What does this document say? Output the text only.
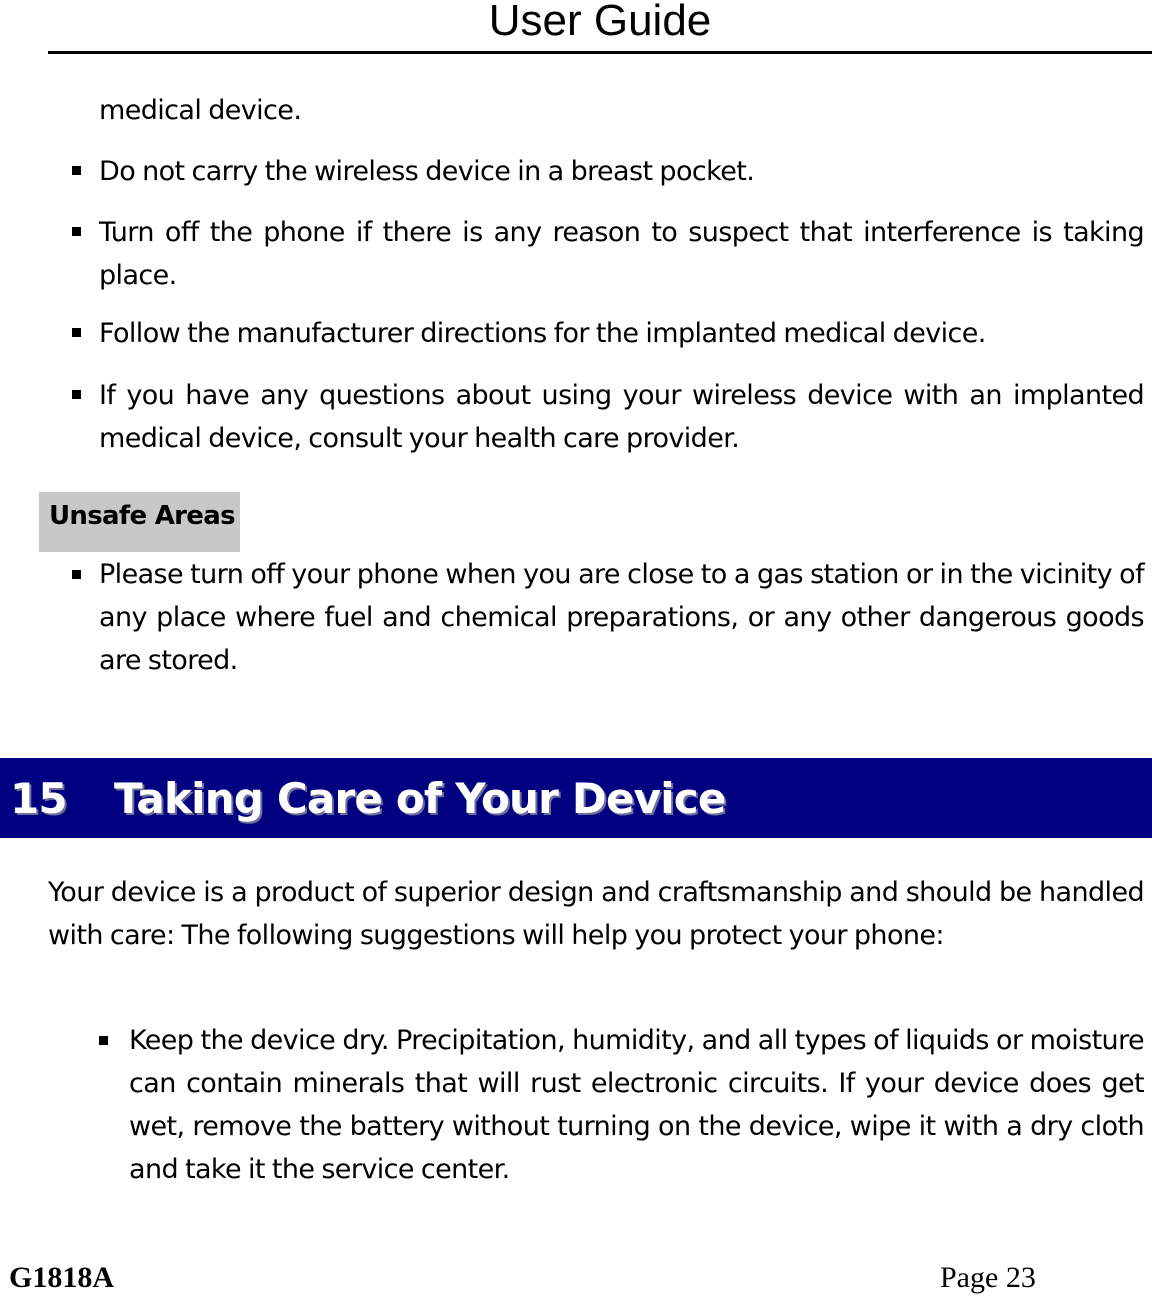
User Guide
medical device.
Do not carry the wireless device in a breast pocket.
Turn off the phone if there is any reason to suspect that interference is taking place.
Follow the manufacturer directions for the implanted medical device.
If you have any questions about using your wireless device with an implanted medical device, consult your health care provider.
Unsafe Areas
Please turn off your phone when you are close to a gas station or in the vicinity of any place where fuel and chemical preparations, or any other dangerous goods are stored.
15 Taking Care of Your Device
Your device is a product of superior design and craftsmanship and should be handled with care: The following suggestions will help you protect your phone:
Keep the device dry. Precipitation, humidity, and all types of liquids or moisture can contain minerals that will rust electronic circuits. If your device does get wet, remove the battery without turning on the device, wipe it with a dry cloth and take it the service center.
G1818A	Page 23
